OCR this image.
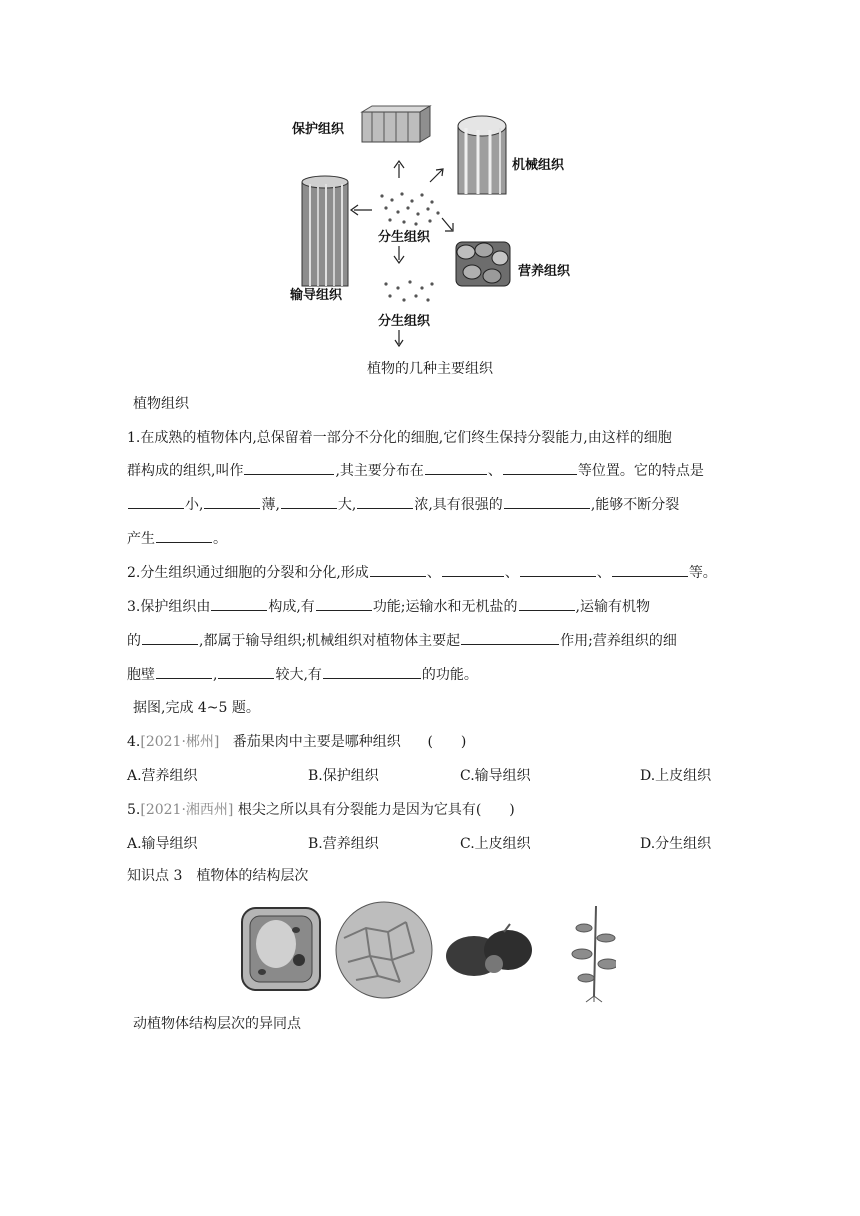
保护组织
机械组织
输导组织
分生组织
营养组织
分生组织
植物的几种主要组织
植物组织
1.在成熟的植物体内,总保留着一部分不分化的细胞,它们终生保持分裂能力,由这样的细胞
群构成的组织,叫作	,其主要分布在	、	等位置。它的特点是
小,	薄,	大,	浓,具有很强的	,能够不断分裂
产生	。
2.分生组织通过细胞的分裂和分化,形成	、	、	、	等。
3.保护组织由	构成,有	功能;运输水和无机盐的	,运输有机物
的	,都属于输导组织;机械组织对植物体主要起	作用;营养组织的细
胞壁	,	较大,有	的功能。
据图,完成 4~5 题。
4.[2021·郴州] 番茄果肉中主要是哪种组织 (　　)
A.营养组织	B.保护组织	C.输导组织	D.上皮组织
5.[2021·湘西州] 根尖之所以具有分裂能力是因为它具有(　　)
A.输导组织	B.营养组织	C.上皮组织	D.分生组织
知识点 3　植物体的结构层次
动植物体结构层次的异同点
